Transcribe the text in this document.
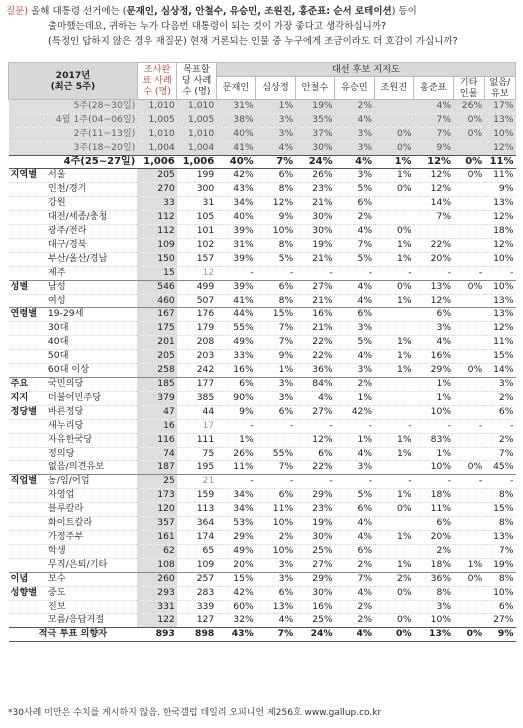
질문) 올해 대통령 선거에는 (문재인, 심상정, 안철수, 유승민, 조원진, 홍준표: 순서 로테이션) 등이
출마했는데요, 귀하는 누가 다음번 대통령이 되는 것이 가장 좋다고 생각하십니까?
(특정인 답하지 않은 경우 재질문) 현재 거론되는 인물 중 누구에게 조금이라도 더 호감이 가십니까?
2017년
(최근 5주)		조사완료 사례수 (명)	목표할당 사례수 (명)	대선 후보 지지도							
				문재인	심상정	안철수	유승민	조원진	홍준표	기타 인물	없음/ 유보
5주(28~30일)		1,010	1,010	31%	1%	19%	2%		4%	26%	17%
4월 1주(04~06일)		1,005	1,005	38%	3%	35%	4%		7%	0%	13%
2주(11~13일)		1,010	1,010	40%	3%	37%	3%	0%	7%	0%	10%
3주(18~20일)		1,004	1,004	41%	4%	30%	3%	0%	9%		12%
4주(25~27일)		1,006	1,006	40%	7%	24%	4%	1%	12%	0%	11%
지역별	서울	205	199	42%	6%	26%	3%	1%	12%	0%	11%
	인천/경기	270	300	43%	8%	23%	5%	0%	12%		9%
	강원	33	31	34%	12%	21%	6%		14%		13%
	대전/세종/충청	112	105	40%	9%	30%	2%		7%		12%
	광주/전라	112	101	39%	10%	30%	4%	0%			18%
	대구/경북	109	102	31%	8%	19%	7%	1%	22%		12%
	부산/울산/경남	150	157	39%	5%	21%	5%	1%	20%		10%
	제주	15	12	-	-	-	-	-	-	-	-
성별	남성	546	499	39%	6%	27%	4%	0%	13%	0%	10%
	여성	460	507	41%	8%	21%	4%	1%	12%		13%
연령별	19-29세	167	176	44%	15%	16%	6%		6%		13%
	30대	175	179	55%	7%	21%	3%		3%		12%
	40대	201	208	49%	7%	22%	5%	1%	4%		11%
	50대	205	203	33%	9%	22%	4%	1%	16%		15%
	60대 이상	258	242	16%	1%	36%	3%	1%	29%	0%	14%
주요	국민의당	185	177	6%	3%	84%	2%		1%		3%
지지	더불어민주당	379	385	90%	3%	4%	1%		1%		2%
정당별	바른정당	47	44	9%	6%	27%	42%		10%		6%
	새누리당	16	17	-	-	-	-	-	-	-	-
	자유한국당	116	111	1%		12%	1%	1%	83%		2%
	정의당	74	75	26%	55%	6%	4%	1%	1%		7%
	없음/의견유보	187	195	11%	7%	22%	3%		10%	0%	45%
직업별	농/임/어업	25	21	-	-	-	-	-	-	-	-
	자영업	173	159	34%	6%	29%	5%	1%	18%		8%
	블루칼라	120	113	34%	11%	23%	6%	0%	11%		15%
	화이트칼라	357	364	53%	10%	19%	4%		6%		8%
	가정주부	161	174	29%	2%	30%	4%	1%	20%		13%
	학생	62	65	49%	10%	25%	6%		2%		7%
	무직/은퇴/기타	108	109	20%	3%	27%	2%	1%	18%	1%	19%
이념	보수	260	257	15%	3%	29%	7%	2%	36%	0%	8%
성향별	중도	293	283	42%	6%	30%	4%	0%	8%		10%
	진보	331	339	60%	13%	16%	2%		3%		6%
	모름/응답거절	122	127	32%	4%	25%	2%	0%	10%		27%
적극 투표 의향자		893	898	43%	7%	24%	4%	0%	13%	0%	9%
*30사례 미만은 수치를 게시하지 않음. 한국갤럽 데일리 오피니언 제256호 www.gallup.co.kr
